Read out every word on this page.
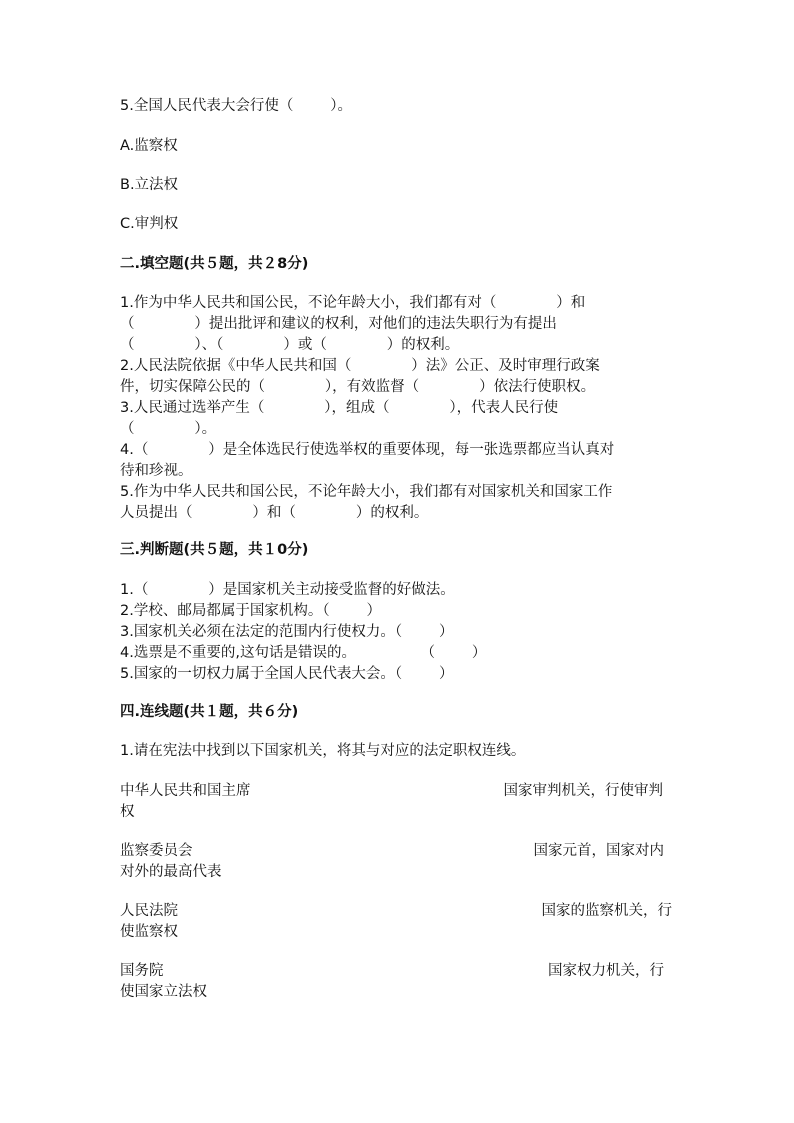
5.全国人民代表大会行使（        ）。
A.监察权
B.立法权
C.审判权
二.填空题(共５题，共２8分)
1.作为中华人民共和国公民，不论年龄大小，我们都有对（             ）和
（             ）提出批评和建议的权利，对他们的违法失职行为有提出
（             ）、（             ）或（             ）的权利。
2.人民法院依据《中华人民共和国（             ）法》公正、及时审理行政案
件，切实保障公民的（             ），有效监督（             ）依法行使职权。
3.人民通过选举产生（             ），组成（             ），代表人民行使
（             ）。
4.（             ）是全体选民行使选举权的重要体现，每一张选票都应当认真对
待和珍视。
5.作为中华人民共和国公民，不论年龄大小，我们都有对国家机关和国家工作
人员提出（             ）和（             ）的权利。
三.判断题(共５题，共１0分)
1.（             ）是国家机关主动接受监督的好做法。
2.学校、邮局都属于国家机构。（        ）
3.国家机关必须在法定的范围内行使权力。（        ）
4.选票是不重要的,这句话是错误的。              （        ）
5.国家的一切权力属于全国人民代表大会。（        ）
四.连线题(共１题，共６分)
1.请在宪法中找到以下国家机关，将其与对应的法定职权连线。
中华人民共和国主席	国家审判机关，行使审判
权
监察委员会	国家元首，国家对内
对外的最高代表
人民法院	国家的监察机关，行
使监察权
国务院	国家权力机关，行
使国家立法权
